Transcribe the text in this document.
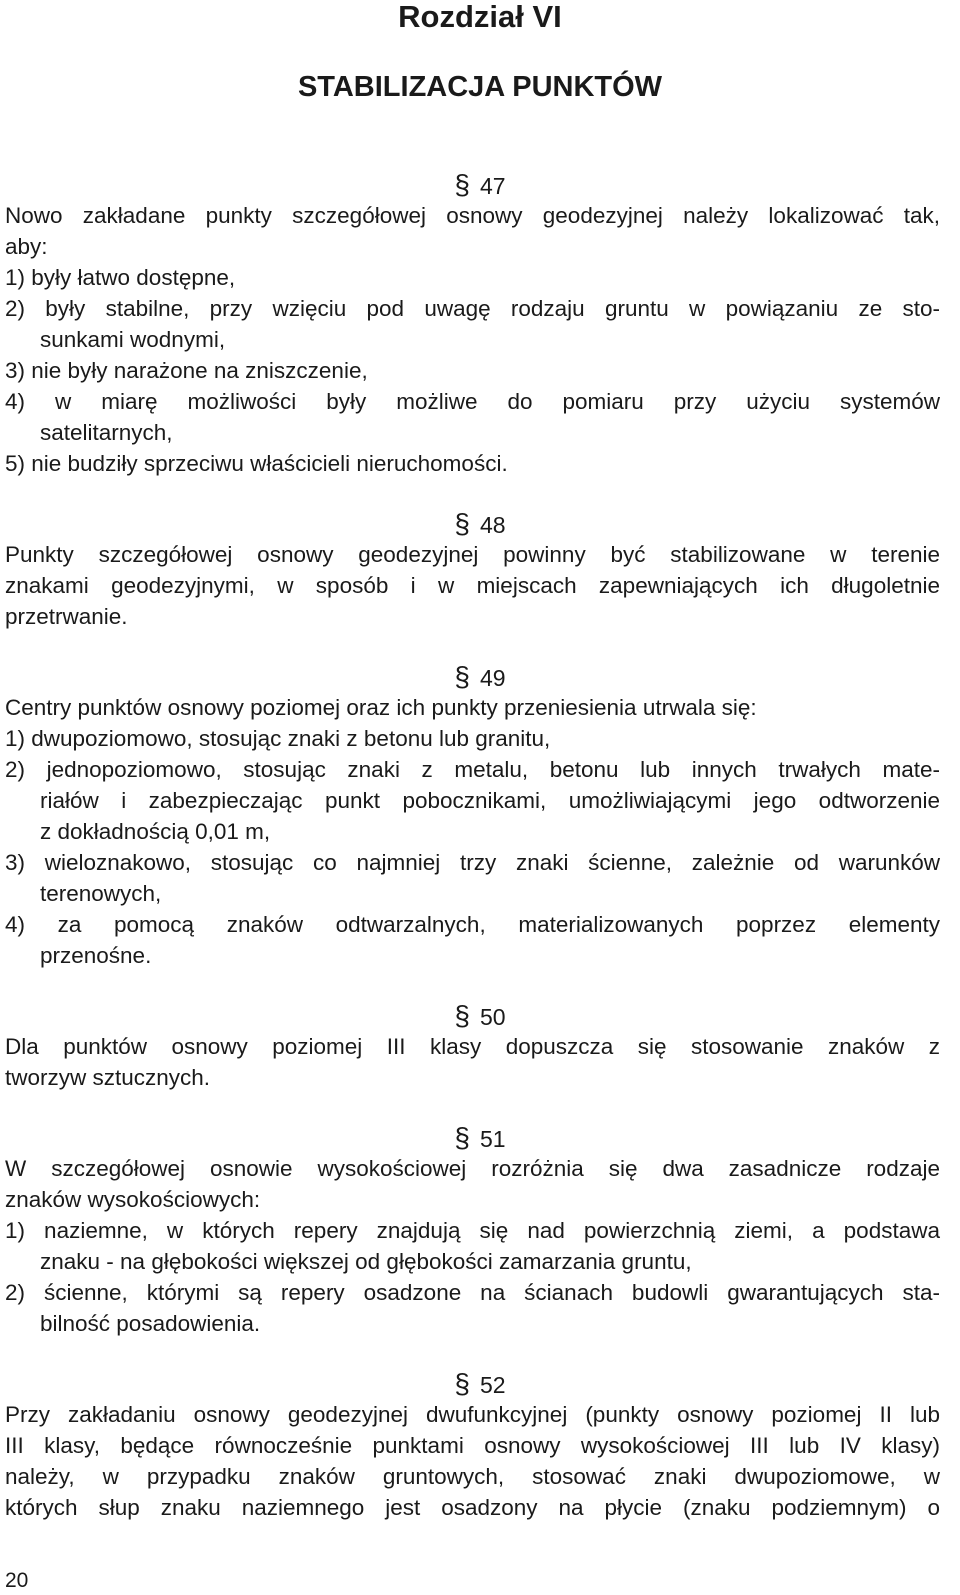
Rozdział VI
STABILIZACJA PUNKTÓW
§ 47
Nowo zakładane punkty szczegółowej osnowy geodezyjnej należy lokalizować tak,
aby:
1) były łatwo dostępne,
2) były stabilne, przy wzięciu pod uwagę rodzaju gruntu w powiązaniu ze sto-
sunkami wodnymi,
3) nie były narażone na zniszczenie,
4) w miarę możliwości były możliwe do pomiaru przy użyciu systemów
satelitarnych,
5) nie budziły sprzeciwu właścicieli nieruchomości.
§ 48
Punkty szczegółowej osnowy geodezyjnej powinny być stabilizowane w terenie
znakami geodezyjnymi, w sposób i w miejscach zapewniających ich długoletnie
przetrwanie.
§ 49
Centry punktów osnowy poziomej oraz ich punkty przeniesienia utrwala się:
1) dwupoziomowo, stosując znaki z betonu lub granitu,
2) jednopoziomowo, stosując znaki z metalu, betonu lub innych trwałych mate-
riałów i zabezpieczając punkt pobocznikami, umożliwiającymi jego odtworzenie
z dokładnością 0,01 m,
3) wieloznakowo, stosując co najmniej trzy znaki ścienne, zależnie od warunków
terenowych,
4) za pomocą znaków odtwarzalnych, materializowanych poprzez elementy
przenośne.
§ 50
Dla punktów osnowy poziomej III klasy dopuszcza się stosowanie znaków z
tworzyw sztucznych.
§ 51
W szczegółowej osnowie wysokościowej rozróżnia się dwa zasadnicze rodzaje
znaków wysokościowych:
1) naziemne, w których repery znajdują się nad powierzchnią ziemi, a podstawa
znaku - na głębokości większej od głębokości zamarzania gruntu,
2) ścienne, którymi są repery osadzone na ścianach budowli gwarantujących sta-
bilność posadowienia.
§ 52
Przy zakładaniu osnowy geodezyjnej dwufunkcyjnej (punkty osnowy poziomej II lub
III klasy, będące równocześnie punktami osnowy wysokościowej III lub IV klasy)
należy, w przypadku znaków gruntowych, stosować znaki dwupoziomowe, w
których słup znaku naziemnego jest osadzony na płycie (znaku podziemnym) o
20
